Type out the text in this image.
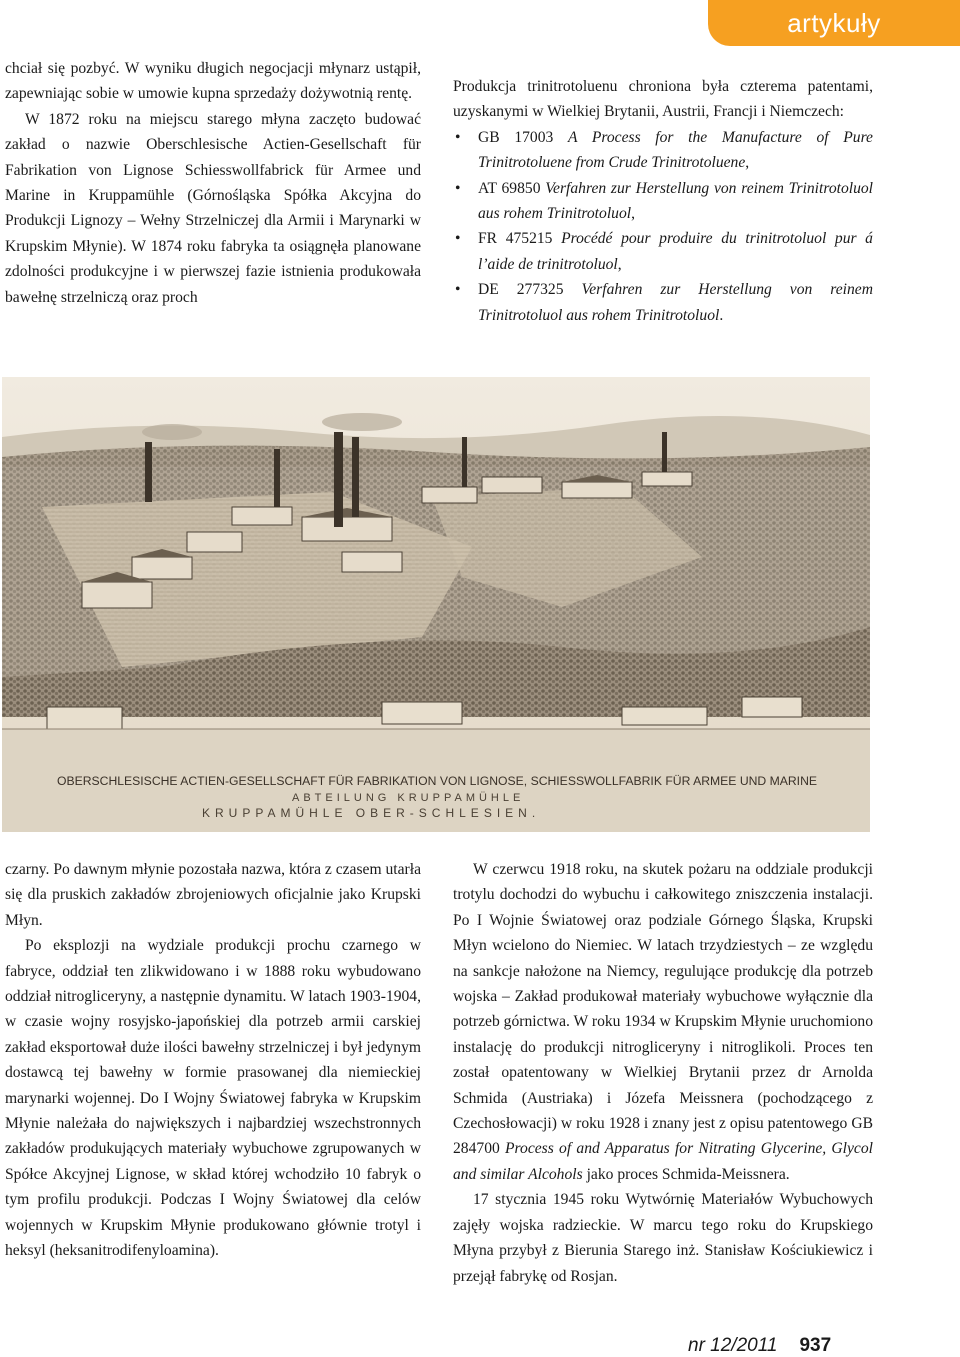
artykuły

chciał się pozbyć. W wyniku długich negocjacji młynarz ustąpił, zapewniając sobie w umowie kupna sprzedaży dożywotnią rentę.

W 1872 roku na miejscu starego młyna zaczęto budować zakład o nazwie Oberschlesische Actien-Gesellschaft für Fabrikation von Lignose Schiesswollfabrick für Armee und Marine in Kruppamühle (Górnośląska Spółka Akcyjna do Produkcji Lignozy – Wełny Strzelniczej dla Armii i Marynarki w Krupskim Młynie). W 1874 roku fabryka ta osiągnęła planowane zdolności produkcyjne i w pierwszej fazie istnienia produkowała bawełnę strzelniczą oraz proch

Produkcja trinitrotoluenu chroniona była czterema patentami, uzyskanymi w Wielkiej Brytanii, Austrii, Francji i Niemczech:

• GB 17003 A Process for the Manufacture of Pure Trinitrotoluene from Crude Trinitrotoluene,
• AT 69850 Verfahren zur Herstellung von reinem Trinitrotoluol aus rohem Trinitrotoluol,
• FR 475215 Procédé pour produire du trinitrotoluol pur á l’aide de trinitrotoluol,
• DE 277325 Verfahren zur Herstellung von reinem Trinitrotoluol aus rohem Trinitrotoluol.
OBERSCHLESISCHE ACTIEN-GESELLSCHAFT FÜR FABRIKATION VON LIGNOSE, SCHIESSWOLLFABRIK FÜR ARMEE UND MARINE
ABTEILUNG KRUPPAMÜHLE
KRUPPAMÜHLE OBER-SCHLESIEN.

czarny. Po dawnym młynie pozostała nazwa, która z czasem utarła się dla pruskich zakładów zbrojeniowych oficjalnie jako Krupski Młyn.

Po eksplozji na wydziale produkcji prochu czarnego w fabryce, oddział ten zlikwidowano i w 1888 roku wybudowano oddział nitrogliceryny, a następnie dynamitu. W latach 1903-1904, w czasie wojny rosyjsko-japońskiej dla potrzeb armii carskiej zakład eksportował duże ilości bawełny strzelniczej i był jedynym dostawcą tej bawełny w formie prasowanej dla niemieckiej marynarki wojennej. Do I Wojny Światowej fabryka w Krupskim Młynie należała do największych i najbardziej wszechstronnych zakładów produkujących materiały wybuchowe zgrupowanych w Spółce Akcyjnej Lignose, w skład której wchodziło 10 fabryk o tym profilu produkcji. Podczas I Wojny Światowej dla celów wojennych w Krupskim Młynie produkowano głównie trotyl i heksyl (heksanitrodifenyloamina).

W czerwcu 1918 roku, na skutek pożaru na oddziale produkcji trotylu dochodzi do wybuchu i całkowitego zniszczenia instalacji. Po I Wojnie Światowej oraz podziale Górnego Śląska, Krupski Młyn wcielono do Niemiec. W latach trzydziestych – ze względu na sankcje nałożone na Niemcy, regulujące produkcję dla potrzeb wojska – Zakład produkował materiały wybuchowe wyłącznie dla potrzeb górnictwa. W roku 1934 w Krupskim Młynie uruchomiono instalację do produkcji nitrogliceryny i nitroglikoli. Proces ten został opatentowany w Wielkiej Brytanii przez dr Arnolda Schmida (Austriaka) i Józefa Meissnera (pochodzącego z Czechosłowacji) w roku 1928 i znany jest z opisu patentowego GB 284700 Process of and Apparatus for Nitrating Glycerine, Glycol and similar Alcohols jako proces Schmida-Meissnera.

17 stycznia 1945 roku Wytwórnię Materiałów Wybuchowych zajęły wojska radzieckie. W marcu tego roku do Krupskiego Młyna przybył z Bierunia Starego inż. Stanisław Kościukiewicz i przejął fabrykę od Rosjan.

nr 12/2011 937
